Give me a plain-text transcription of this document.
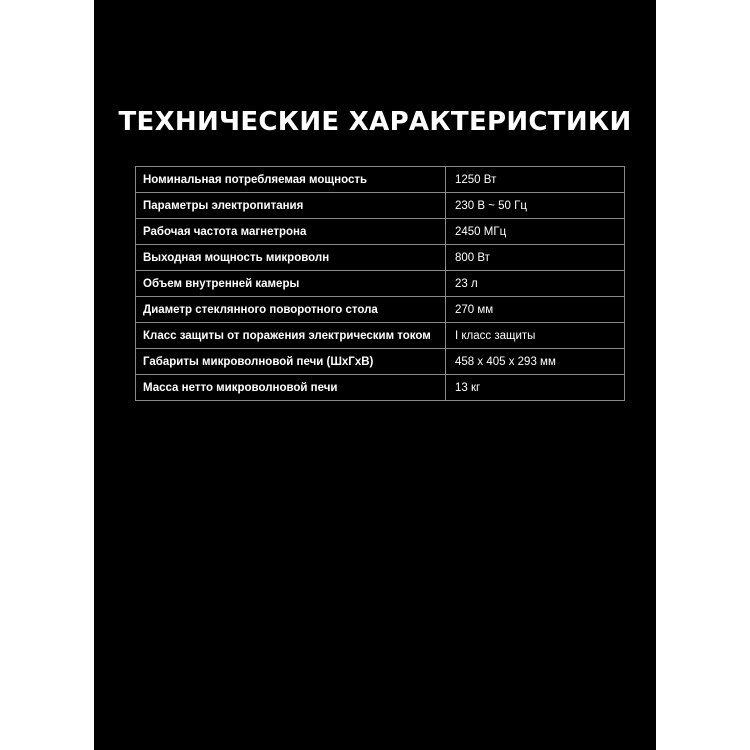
ТЕХНИЧЕСКИЕ ХАРАКТЕРИСТИКИ
Номинальная потребляемая мощность	1250 Вт
Параметры электропитания	230 В ~ 50 Гц
Рабочая частота магнетрона	2450 МГц
Выходная мощность микроволн	800 Вт
Объем внутренней камеры	23 л
Диаметр стеклянного поворотного стола	270 мм
Класс защиты от поражения электрическим током	I класс защиты
Габариты микроволновой печи (ШхГхВ)	458 х 405 х 293 мм
Масса нетто микроволновой печи	13 кг
